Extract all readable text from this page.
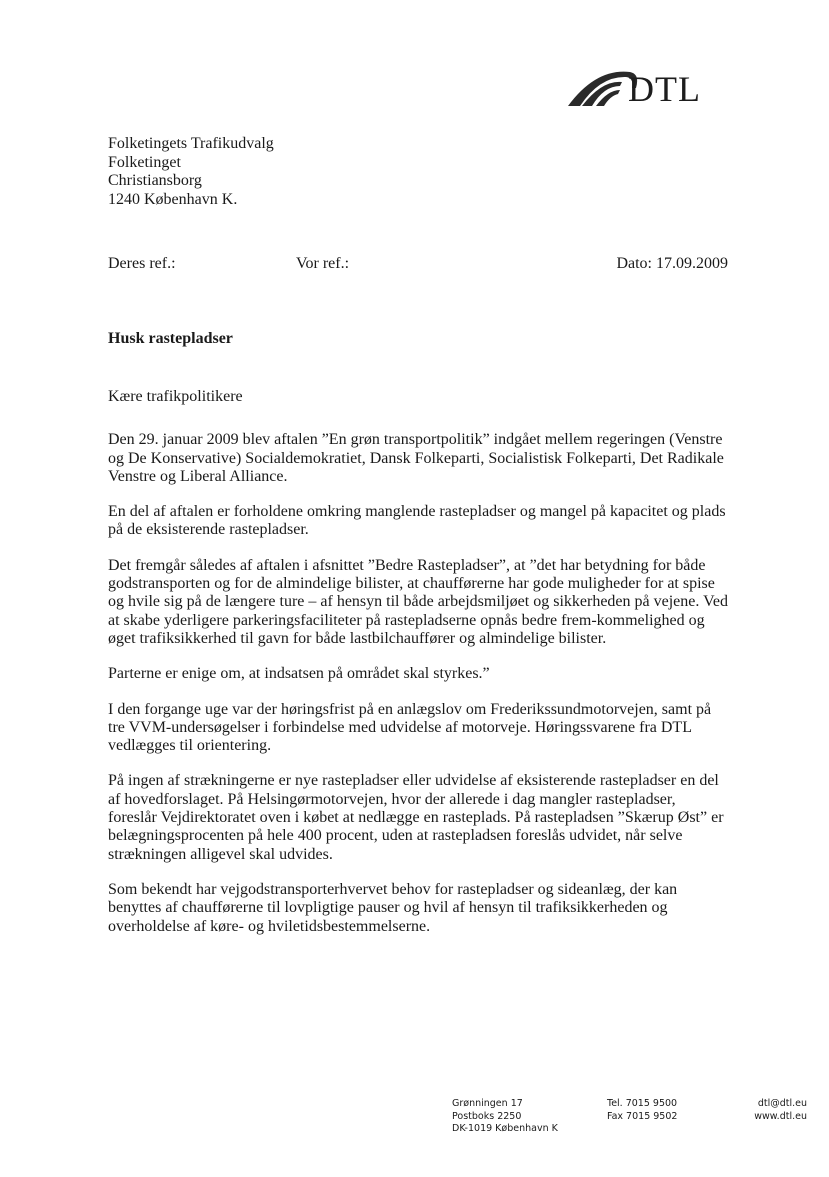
DTL
Folketingets Trafikudvalg
Folketinget
Christiansborg
1240 København K.
Deres ref.:	Vor ref.:	Dato: 17.09.2009
Husk rastepladser

Kære trafikpolitikere

Den 29. januar 2009 blev aftalen ”En grøn transportpolitik” indgået mellem regeringen (Venstre og De Konservative) Socialdemokratiet, Dansk Folkeparti, Socialistisk Folkeparti, Det Radikale Venstre og Liberal Alliance.

En del af aftalen er forholdene omkring manglende rastepladser og mangel på kapacitet og plads på de eksisterende rastepladser.

Det fremgår således af aftalen i afsnittet ”Bedre Rastepladser”, at ”det har betydning for både godstransporten og for de almindelige bilister, at chaufførerne har gode muligheder for at spise og hvile sig på de længere ture – af hensyn til både arbejdsmiljøet og sikkerheden på vejene. Ved at skabe yderligere parkeringsfaciliteter på rastepladserne opnås bedre frem-kommelighed og øget trafiksikkerhed til gavn for både lastbilchauffører og almindelige bilister.

Parterne er enige om, at indsatsen på området skal styrkes.”

I den forgange uge var der høringsfrist på en anlægslov om Frederikssundmotorvejen, samt på tre VVM-undersøgelser i forbindelse med udvidelse af motorveje. Høringssvarene fra DTL vedlægges til orientering.

På ingen af strækningerne er nye rastepladser eller udvidelse af eksisterende rastepladser en del af hovedforslaget. På Helsingørmotorvejen, hvor der allerede i dag mangler rastepladser, foreslår Vejdirektoratet oven i købet at nedlægge en rasteplads. På rastepladsen ”Skærup Øst” er belægningsprocenten på hele 400 procent, uden at rastepladsen foreslås udvidet, når selve strækningen alligevel skal udvides.

Som bekendt har vejgodstransporterhvervet behov for rastepladser og sideanlæg, der kan benyttes af chaufførerne til lovpligtige pauser og hvil af hensyn til trafiksikkerheden og overholdelse af køre- og hviletidsbestemmelserne.

Grønningen 17
Postboks 2250
DK-1019 København K
Tel. 7015 9500
Fax 7015 9502
dtl@dtl.eu
www.dtl.eu
